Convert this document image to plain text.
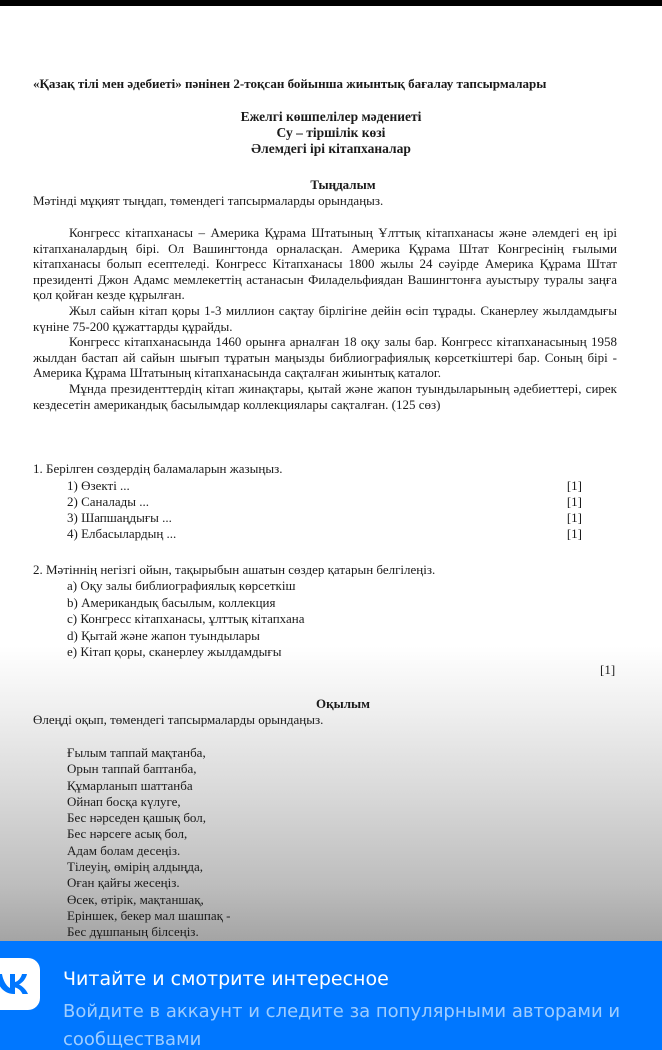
«Қазақ тілі мен әдебиеті» пәнінен 2-тоқсан бойынша жиынтық бағалау тапсырмалары
Ежелгі көшпелілер мәдениеті
Су – тіршілік көзі
Әлемдегі ірі кітапханалар
Тыңдалым
Мәтінді мұқият тыңдап, төмендегі тапсырмаларды орындаңыз.

Конгресс кітапханасы – Америка Құрама Штатының Ұлттық кітапханасы және әлемдегі ең ірі кітапханалардың бірі. Ол Вашингтонда орналасқан. Америка Құрама Штат Конгресінің ғылыми кітапханасы болып есептеледі. Конгресс Кітапханасы 1800 жылы 24 сәуірде Америка Құрама Штат президенті Джон Адамс мемлекеттің астанасын Филадельфиядан Вашингтонға ауыстыру туралы заңға қол қойған кезде құрылған.

Жыл сайын кітап қоры 1-3 миллион сақтау бірлігіне дейін өсіп тұрады. Сканерлеу жылдамдығы күніне 75-200 құжаттарды құрайды.

Конгресс кітапханасында 1460 орынға арналған 18 оқу залы бар. Конгресс кітапханасының 1958 жылдан бастап ай сайын шығып тұратын маңызды библиографиялық көрсеткіштері бар. Соның бірі - Америка Құрама Штатының кітапханасында сақталған жиынтық каталог.

Мұнда президенттердің кітап жинақтары, қытай және жапон туындыларының әдебиеттері, сирек кездесетін американдық басылымдар коллекциялары сақталған. (125 сөз)

1. Берілген сөздердің баламаларын жазыңыз.
1) Өзекті ...	[1]
2) Саналады ...	[1]
3) Шапшаңдығы ...	[1]
4) Елбасылардың ...	[1]
2. Мәтіннің негізгі ойын, тақырыбын ашатын сөздер қатарын белгілеңіз.
a) Оқу залы библиографиялық көрсеткіш
b) Американдық басылым, коллекция
c) Конгресс кітапханасы, ұлттық кітапхана
d) Қытай және жапон туындылары
e) Кітап қоры, сканерлеу жылдамдығы
[1]
Оқылым
Өлеңді оқып, төмендегі тапсырмаларды орындаңыз.
Ғылым таппай мақтанба,
Орын таппай баптанба,
Құмарланып шаттанба
Ойнап босқа күлуге,
Бес нәрседен қашық бол,
Бес нәрсеге асық бол,
Адам болам десеңіз.
Тілеуің, өмірің алдыңда,
Оған қайғы жесеңіз.
Өсек, өтірік, мақтаншақ,
Еріншек, бекер мал шашпақ -
Бес дұшпаның білсеңіз.
Читайте и смотрите интересное
Войдите в аккаунт и следите за популярными авторами и сообществами
